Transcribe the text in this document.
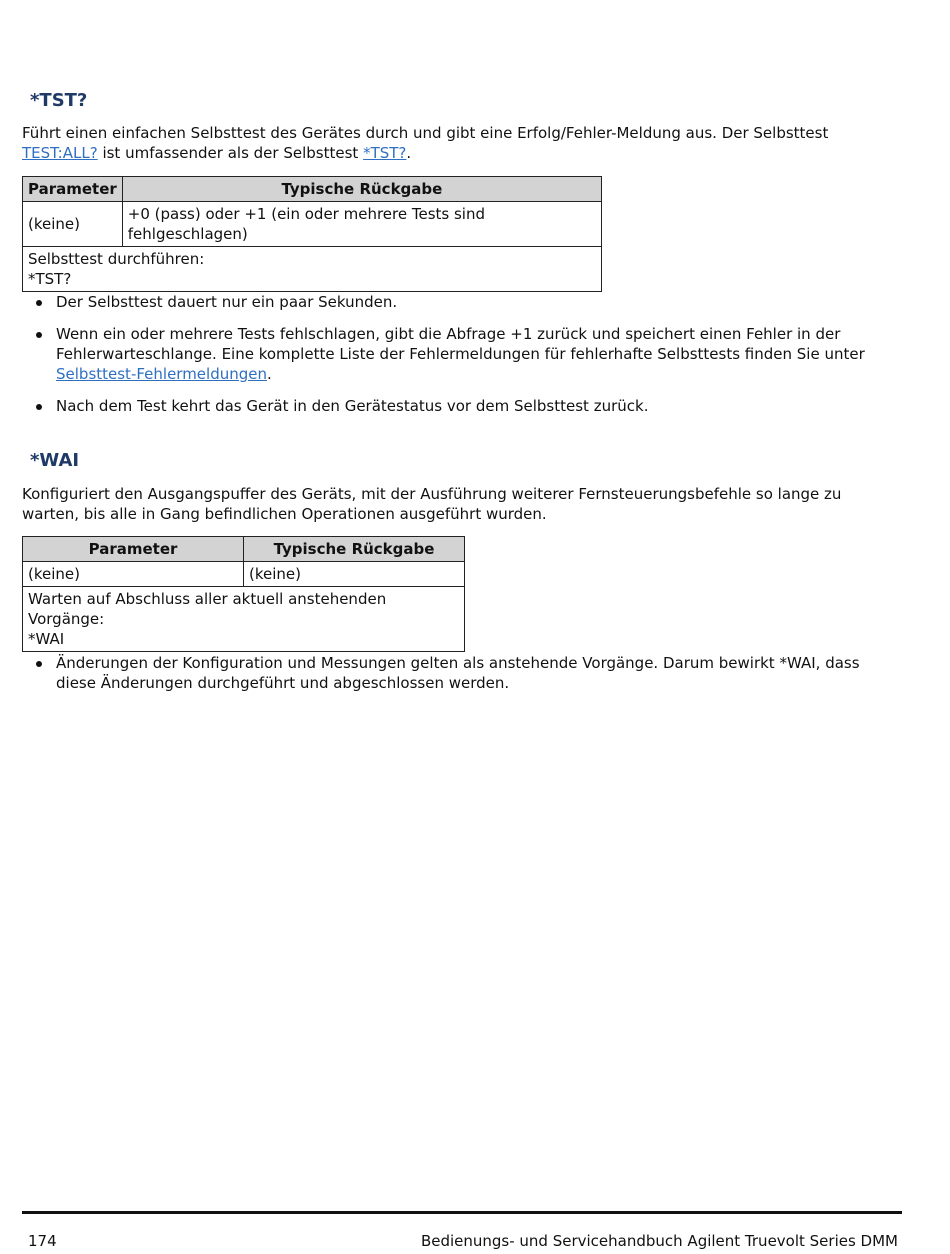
*TST?

Führt einen einfachen Selbsttest des Gerätes durch und gibt eine Erfolg/Fehler-Meldung aus. Der Selbsttest TEST:ALL? ist umfassender als der Selbsttest *TST?.

Parameter	Typische Rückgabe
(keine)	+0 (pass) oder +1 (ein oder mehrere Tests sind fehlgeschlagen)

Selbsttest durchführen:
*TST?	
Der Selbsttest dauert nur ein paar Sekunden.
Wenn ein oder mehrere Tests fehlschlagen, gibt die Abfrage +1 zurück und speichert einen Fehler in der Fehlerwarteschlange. Eine komplette Liste der Fehlermeldungen für fehlerhafte Selbsttests finden Sie unter Selbsttest-Fehlermeldungen.
Nach dem Test kehrt das Gerät in den Gerätestatus vor dem Selbsttest zurück.
*WAI

Konfiguriert den Ausgangspuffer des Geräts, mit der Ausführung weiterer Fernsteuerungsbefehle so lange zu warten, bis alle in Gang befindlichen Operationen ausgeführt wurden.

Parameter	Typische Rückgabe
(keine)	(keine)

Warten auf Abschluss aller aktuell anstehenden Vorgänge:
*WAI	
Änderungen der Konfiguration und Messungen gelten als anstehende Vorgänge. Darum bewirkt *WAI, dass diese Änderungen durchgeführt und abgeschlossen werden.
174	Bedienungs- und Servicehandbuch Agilent Truevolt Series DMM
